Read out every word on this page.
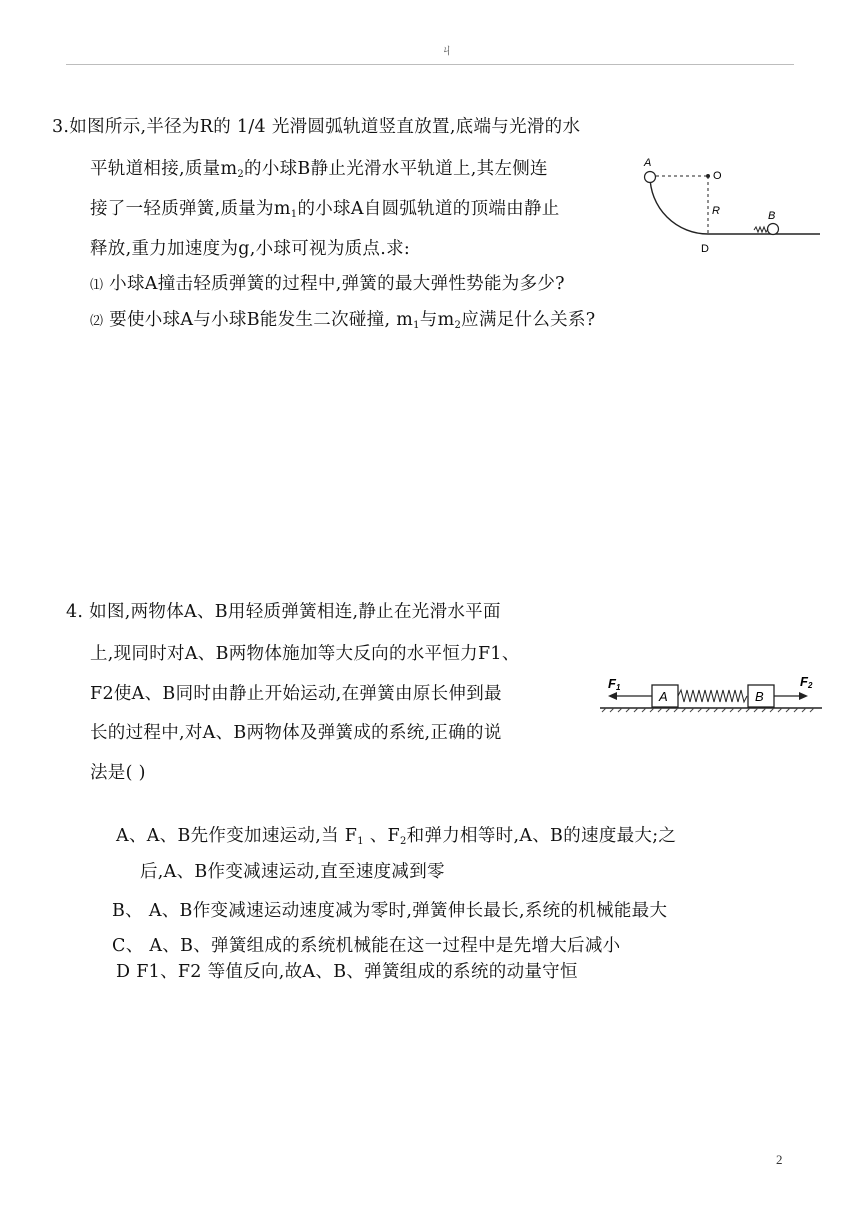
ㄐ
3.如图所示,半径为R的 1/4 光滑圆弧轨道竖直放置,底端与光滑的水
平轨道相接,质量$m_2$的小球B静止光滑水平轨道上,其左侧连
接了一轻质弹簧,质量为$m_1$的小球A自圆弧轨道的顶端由静止
释放,重力加速度为g,小球可视为质点.求:
⑴ 小球A撞击轻质弹簧的过程中,弹簧的最大弹性势能为多少?
⑵ 要使小球A与小球B能发生二次碰撞, $m_1$与$m_2$应满足什么关系?
A
O
R	B
D
4. 如图,两物体A、B用轻质弹簧相连,静止在光滑水平面
上,现同时对A、B两物体施加等大反向的水平恒力F1、
F2使A、B同时由静止开始运动,在弹簧由原长伸到最
长的过程中,对A、B两物体及弹簧成的系统,正确的说
法是( )
F1
A	B
F2
A、A、B先作变加速运动,当 $F_1$ 、$F_2$和弹力相等时,A、B的速度最大;之
后,A、B作变减速运动,直至速度减到零
B、 A、B作变减速运动速度减为零时,弹簧伸长最长,系统的机械能最大
C、 A、B、弹簧组成的系统机械能在这一过程中是先增大后减小
D F1、F2 等值反向,故A、B、弹簧组成的系统的动量守恒
2
